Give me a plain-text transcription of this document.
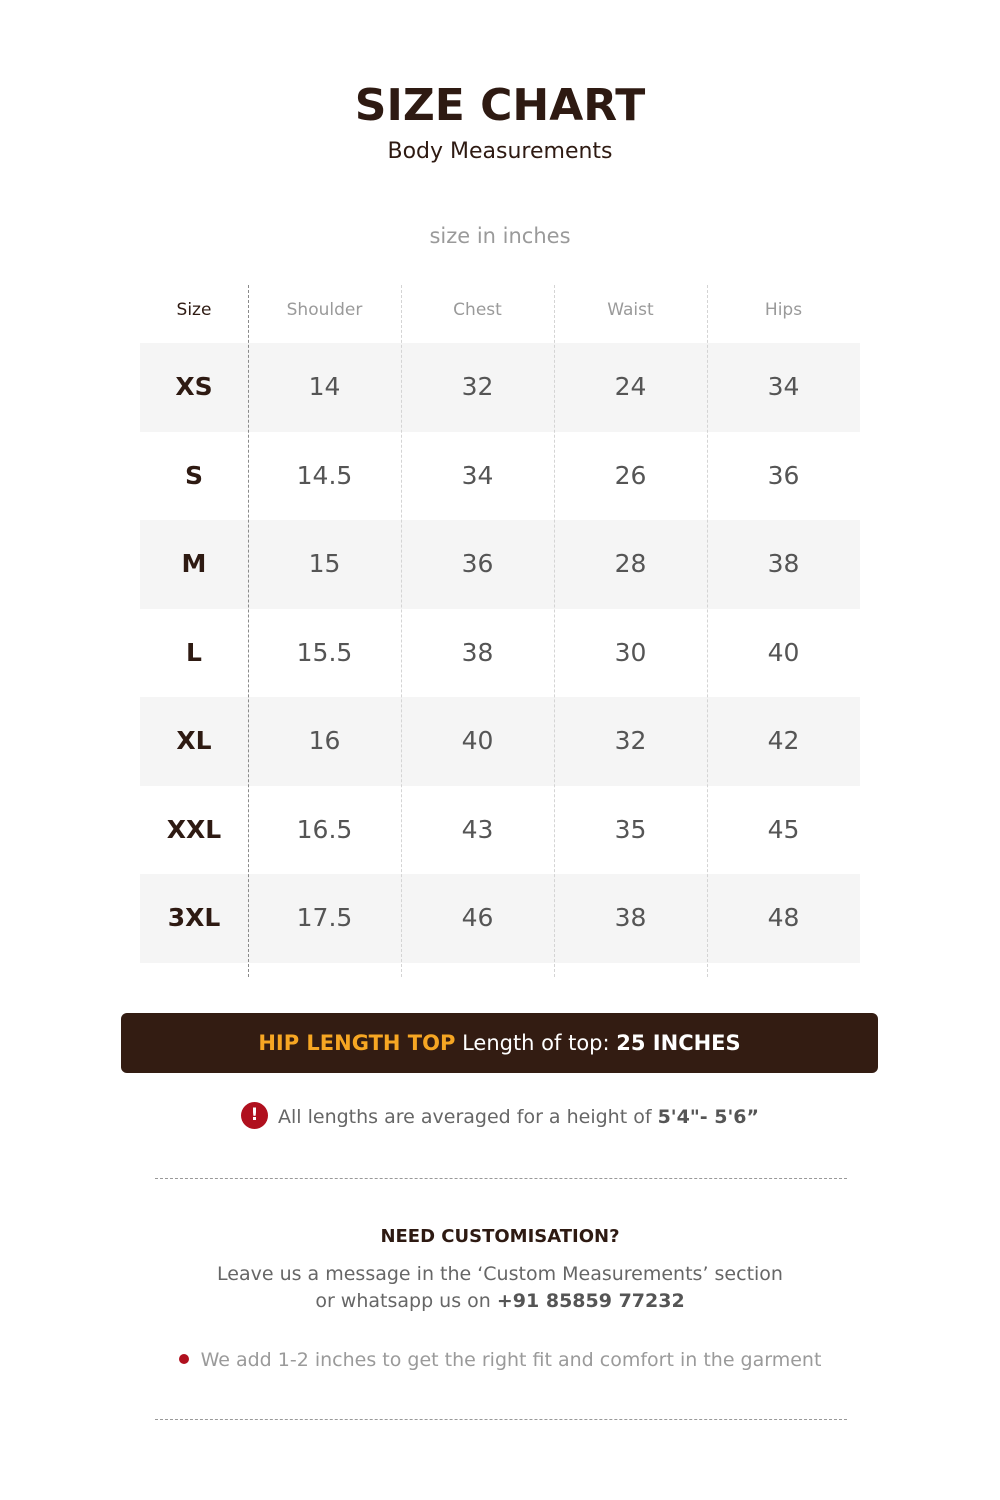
SIZE CHART
Body Measurements
size in inches
Size	Shoulder	Chest	Waist	Hips
XS	14	32	24	34
S	14.5	34	26	36
M	15	36	28	38
L	15.5	38	30	40
XL	16	40	32	42
XXL	16.5	43	35	45
3XL	17.5	46	38	48
HIP LENGTH TOP Length of top: 25 INCHES
! All lengths are averaged for a height of 5'4"- 5'6”
NEED CUSTOMISATION?
Leave us a message in the ‘Custom Measurements’ section
or whatsapp us on +91 85859 77232
We add 1-2 inches to get the right fit and comfort in the garment
